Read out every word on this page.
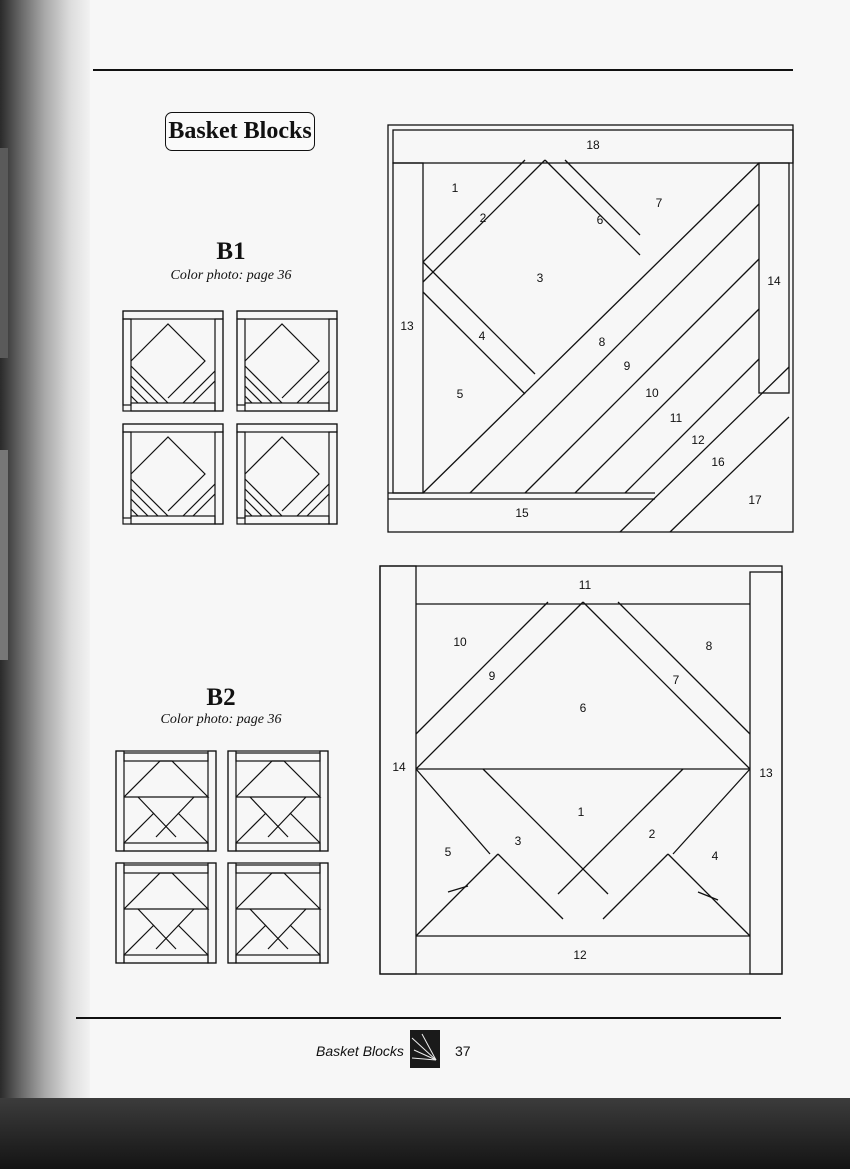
Basket Blocks
B1
Color photo: page 36
B2
Color photo: page 36
1
2
3
4
5
6
7
8
9
10
11
12
13
14
15
16
17
18
1
2
3
4
5
6
7
8
9
10
11
12
13
14
Basket Blocks	37
